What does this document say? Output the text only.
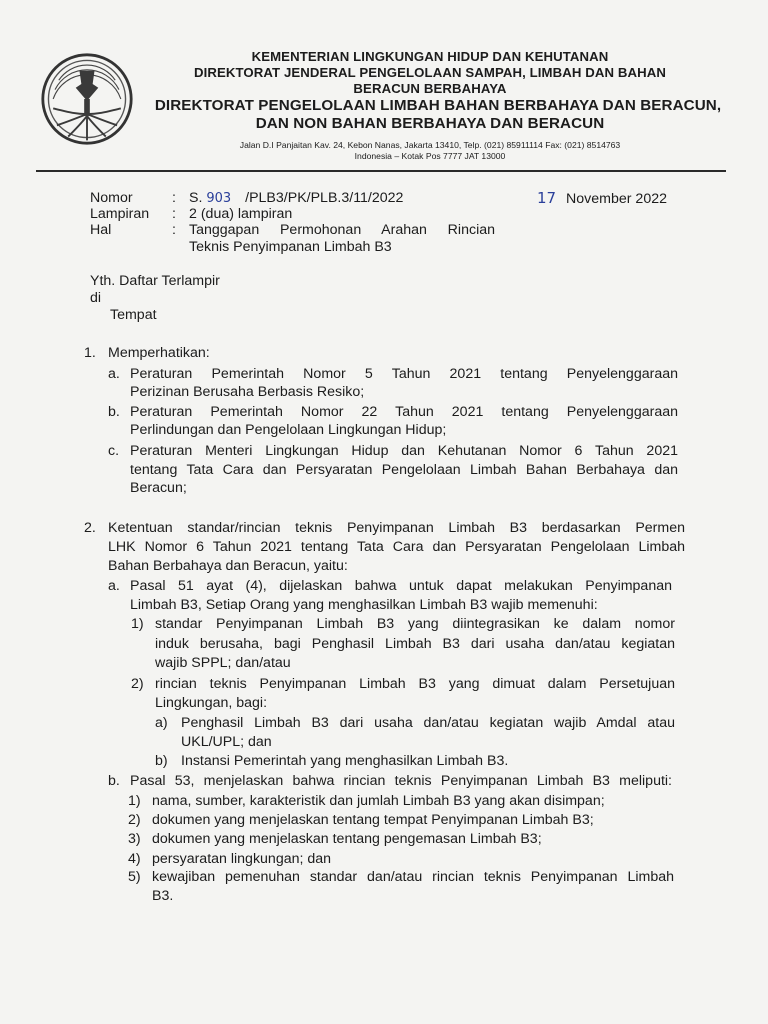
KEMENTERIAN LINGKUNGAN HIDUP DAN KEHUTANAN
DIREKTORAT JENDERAL PENGELOLAAN SAMPAH, LIMBAH DAN BAHAN
BERACUN BERBAHAYA
DIREKTORAT PENGELOLAAN LIMBAH BAHAN BERBAHAYA DAN BERACUN,
DAN NON BAHAN BERBAHAYA DAN BERACUN
Jalan D.I Panjaitan Kav. 24, Kebon Nanas, Jakarta 13410, Telp. (021) 85911114 Fax: (021) 8514763
Indonesia – Kotak Pos 7777 JAT 13000
Nomor	: S. 903 /PLB3/PK/PLB.3/11/2022	17 November 2022
Lampiran : 2 (dua) lampiran
Hal	: Tanggapan Permohonan Arahan Rincian
Teknis Penyimpanan Limbah B3
Yth. Daftar Terlampir
di
Tempat
1. Memperhatikan:
a. Peraturan Pemerintah Nomor 5 Tahun 2021 tentang Penyelenggaraan
Perizinan Berusaha Berbasis Resiko;
b. Peraturan Pemerintah Nomor 22 Tahun 2021 tentang Penyelenggaraan
Perlindungan dan Pengelolaan Lingkungan Hidup;
c. Peraturan Menteri Lingkungan Hidup dan Kehutanan Nomor 6 Tahun 2021
tentang Tata Cara dan Persyaratan Pengelolaan Limbah Bahan Berbahaya dan
Beracun;
2. Ketentuan standar/rincian teknis Penyimpanan Limbah B3 berdasarkan Permen
LHK Nomor 6 Tahun 2021 tentang Tata Cara dan Persyaratan Pengelolaan Limbah
Bahan Berbahaya dan Beracun, yaitu:
a. Pasal 51 ayat (4), dijelaskan bahwa untuk dapat melakukan Penyimpanan
Limbah B3, Setiap Orang yang menghasilkan Limbah B3 wajib memenuhi:
1) standar Penyimpanan Limbah B3 yang diintegrasikan ke dalam nomor
induk berusaha, bagi Penghasil Limbah B3 dari usaha dan/atau kegiatan
wajib SPPL; dan/atau
2) rincian teknis Penyimpanan Limbah B3 yang dimuat dalam Persetujuan
Lingkungan, bagi:
a) Penghasil Limbah B3 dari usaha dan/atau kegiatan wajib Amdal atau
UKL/UPL; dan
b) Instansi Pemerintah yang menghasilkan Limbah B3.
b. Pasal 53, menjelaskan bahwa rincian teknis Penyimpanan Limbah B3 meliputi:
1) nama, sumber, karakteristik dan jumlah Limbah B3 yang akan disimpan;
2) dokumen yang menjelaskan tentang tempat Penyimpanan Limbah B3;
3) dokumen yang menjelaskan tentang pengemasan Limbah B3;
4) persyaratan lingkungan; dan
5) kewajiban pemenuhan standar dan/atau rincian teknis Penyimpanan Limbah
B3.
